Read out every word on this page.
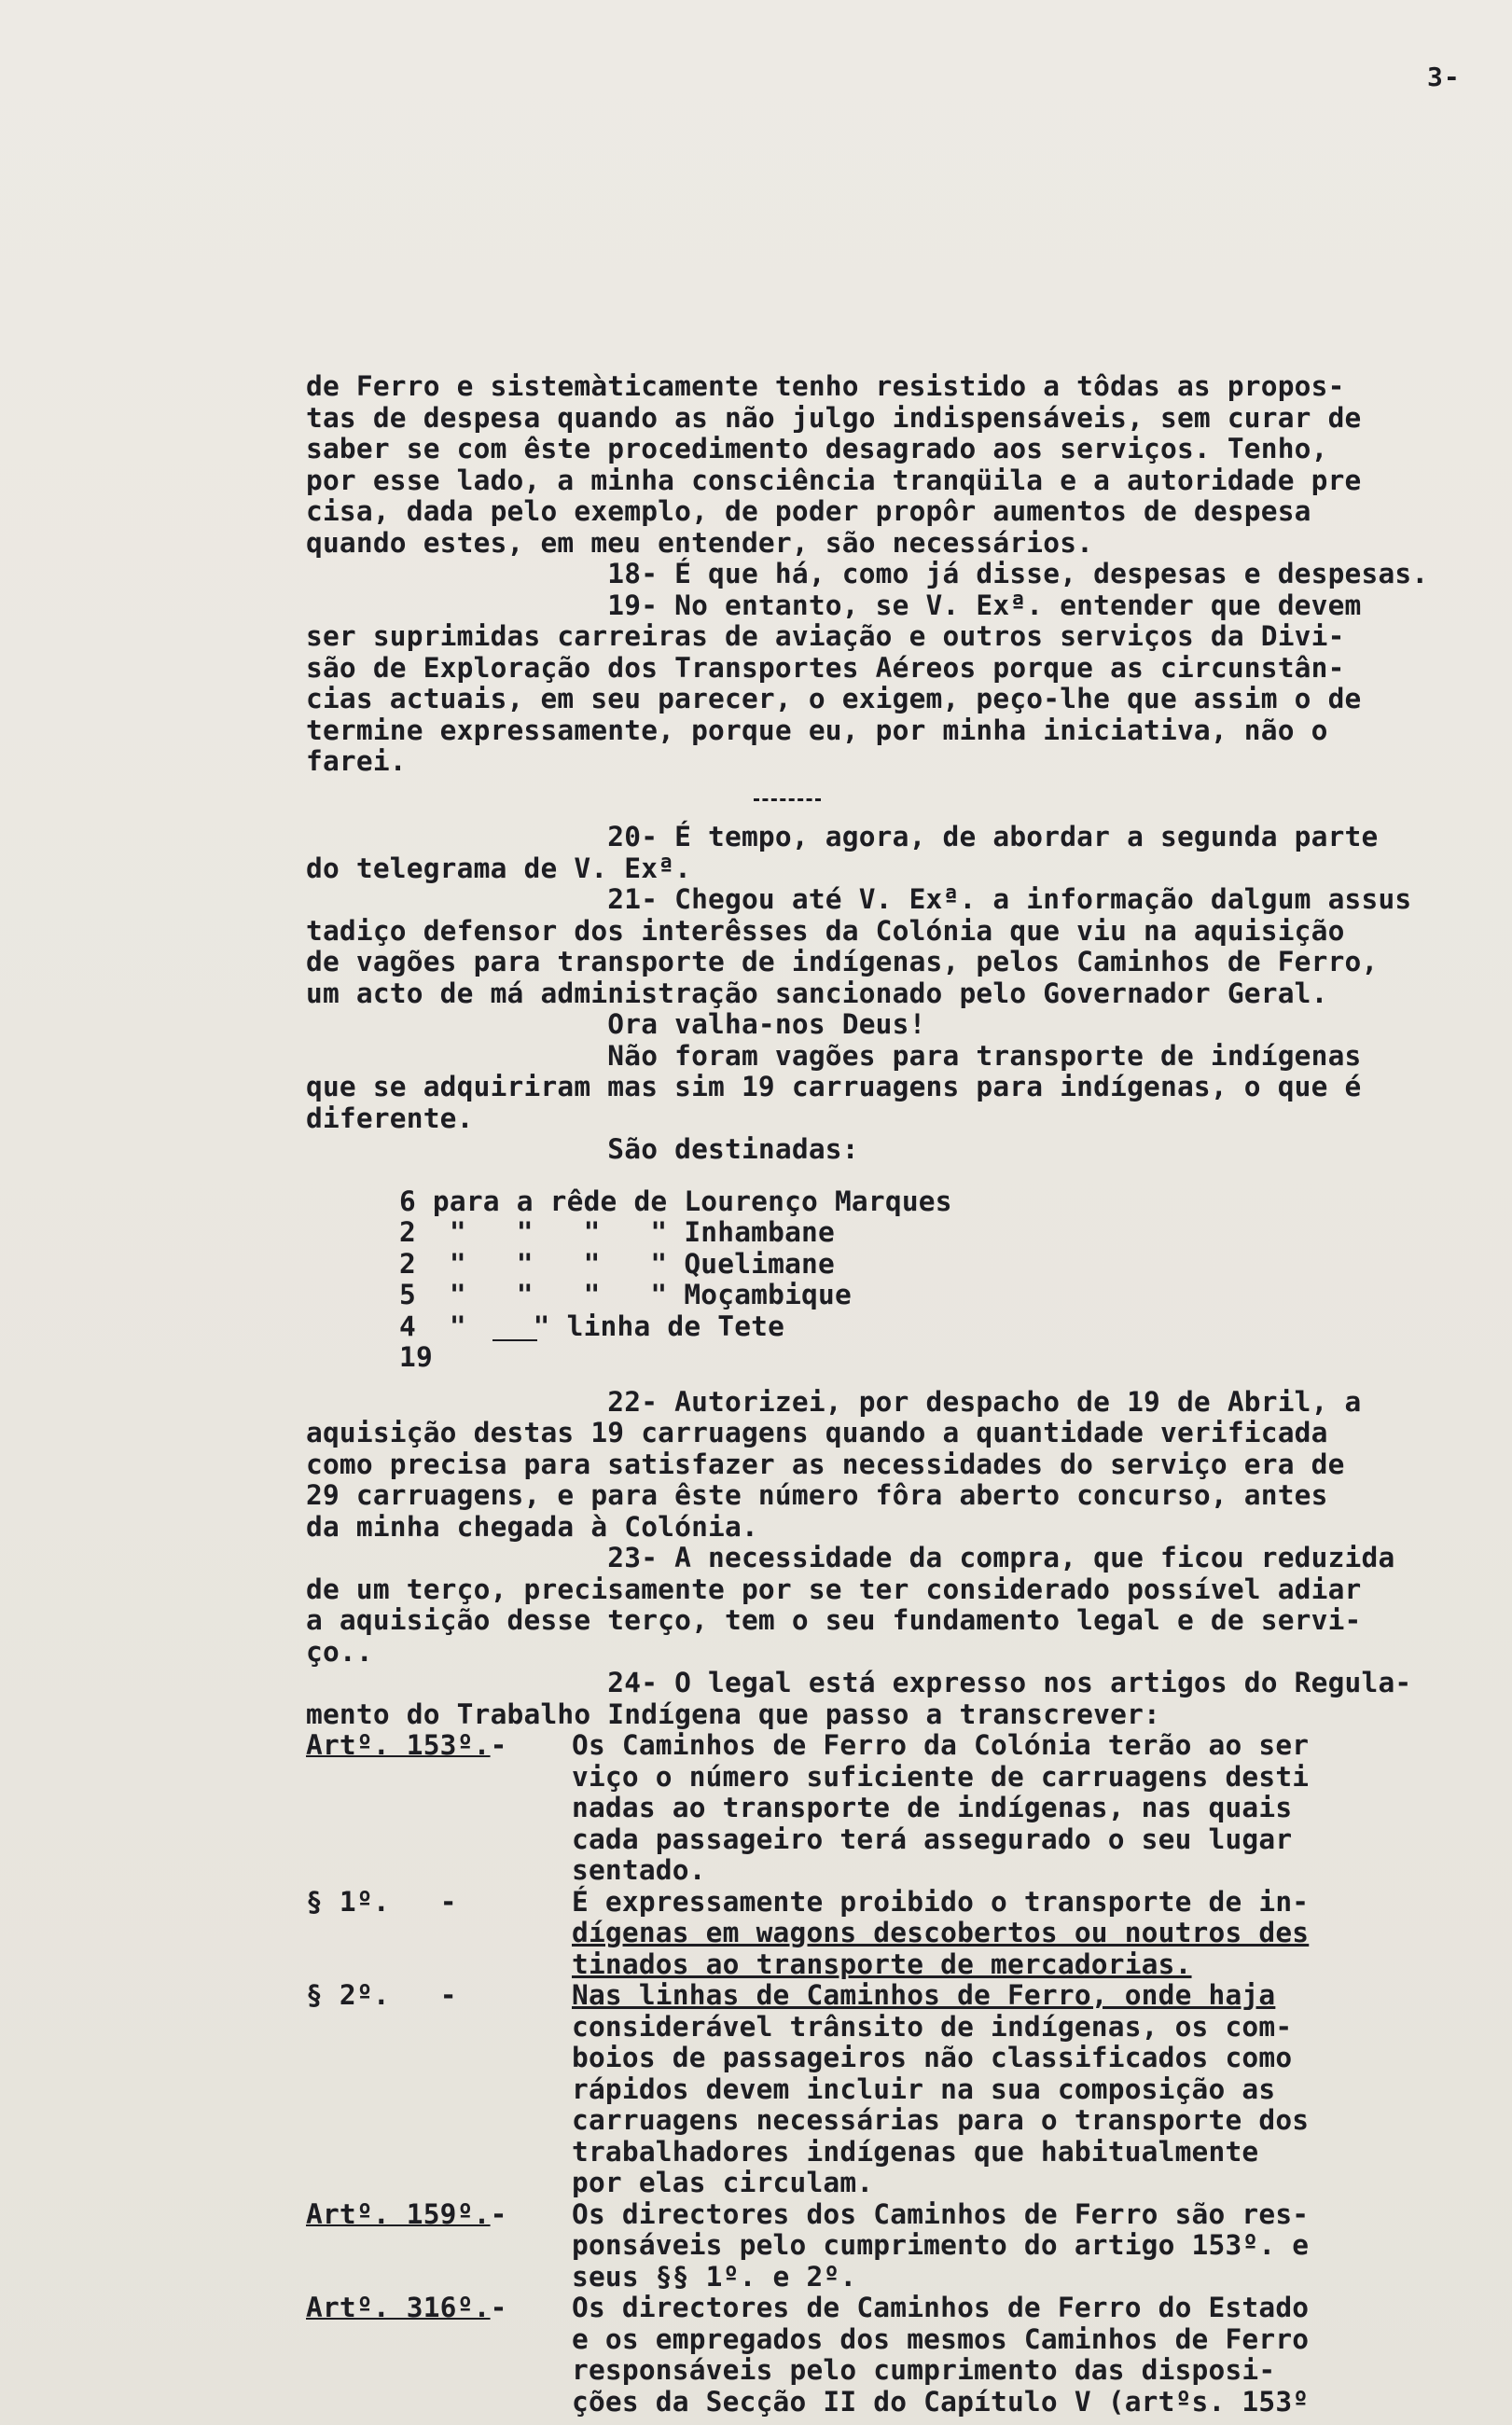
3-
de Ferro e sistemàticamente tenho resistido a tôdas as propos-
tas de despesa quando as não julgo indispensáveis, sem curar de
saber se com êste procedimento desagrado aos serviços. Tenho,
por esse lado, a minha consciência tranqüila e a autoridade pre
cisa, dada pelo exemplo, de poder propôr aumentos de despesa
quando estes, em meu entender, são necessários.
18- É que há, como já disse, despesas e despesas.
19- No entanto, se V. Exª. entender que devem
ser suprimidas carreiras de aviação e outros serviços da Divi-
são de Exploração dos Transportes Aéreos porque as circunstân-
cias actuais, em seu parecer, o exigem, peço-lhe que assim o de
termine expressamente, porque eu, por minha iniciativa, não o
farei.
20- É tempo, agora, de abordar a segunda parte
do telegrama de V. Exª.
21- Chegou até V. Exª. a informação dalgum assus
tadiço defensor dos interêsses da Colónia que viu na aquisição
de vagões para transporte de indígenas, pelos Caminhos de Ferro,
um acto de má administração sancionado pelo Governador Geral.
Ora valha-nos Deus!
Não foram vagões para transporte de indígenas
que se adquiriram mas sim 19 carruagens para indígenas, o que é
diferente.
São destinadas:
6 para a rêde de Lourenço Marques
2  "   "   "   " Inhambane
2  "   "   "   " Quelimane
5  "   "   "   " Moçambique
4  "    " linha de Tete
19
22- Autorizei, por despacho de 19 de Abril, a
aquisição destas 19 carruagens quando a quantidade verificada
como precisa para satisfazer as necessidades do serviço era de
29 carruagens, e para êste número fôra aberto concurso, antes
da minha chegada à Colónia.
23- A necessidade da compra, que ficou reduzida
de um terço, precisamente por se ter considerado possível adiar
a aquisição desse terço, tem o seu fundamento legal e de servi-
ço..
24- O legal está expresso nos artigos do Regula-
mento do Trabalho Indígena que passo a transcrever:
Artº. 153º.-	Os Caminhos de Ferro da Colónia terão ao ser
viço o número suficiente de carruagens desti
nadas ao transporte de indígenas, nas quais
cada passageiro terá assegurado o seu lugar
sentado.
§ 1º.   -	É expressamente proibido o transporte de in-
dígenas em wagons descobertos ou noutros des
tinados ao transporte de mercadorias.
§ 2º.   -	Nas linhas de Caminhos de Ferro, onde haja
considerável trânsito de indígenas, os com-
boios de passageiros não classificados como
rápidos devem incluir na sua composição as
carruagens necessárias para o transporte dos
trabalhadores indígenas que habitualmente
por elas circulam.
Artº. 159º.-	Os directores dos Caminhos de Ferro são res-
ponsáveis pelo cumprimento do artigo 153º. e
seus §§ 1º. e 2º.
Artº. 316º.-	Os directores de Caminhos de Ferro do Estado
e os empregados dos mesmos Caminhos de Ferro
responsáveis pelo cumprimento das disposi-
ções da Secção II do Capítulo V (artºs. 153º
